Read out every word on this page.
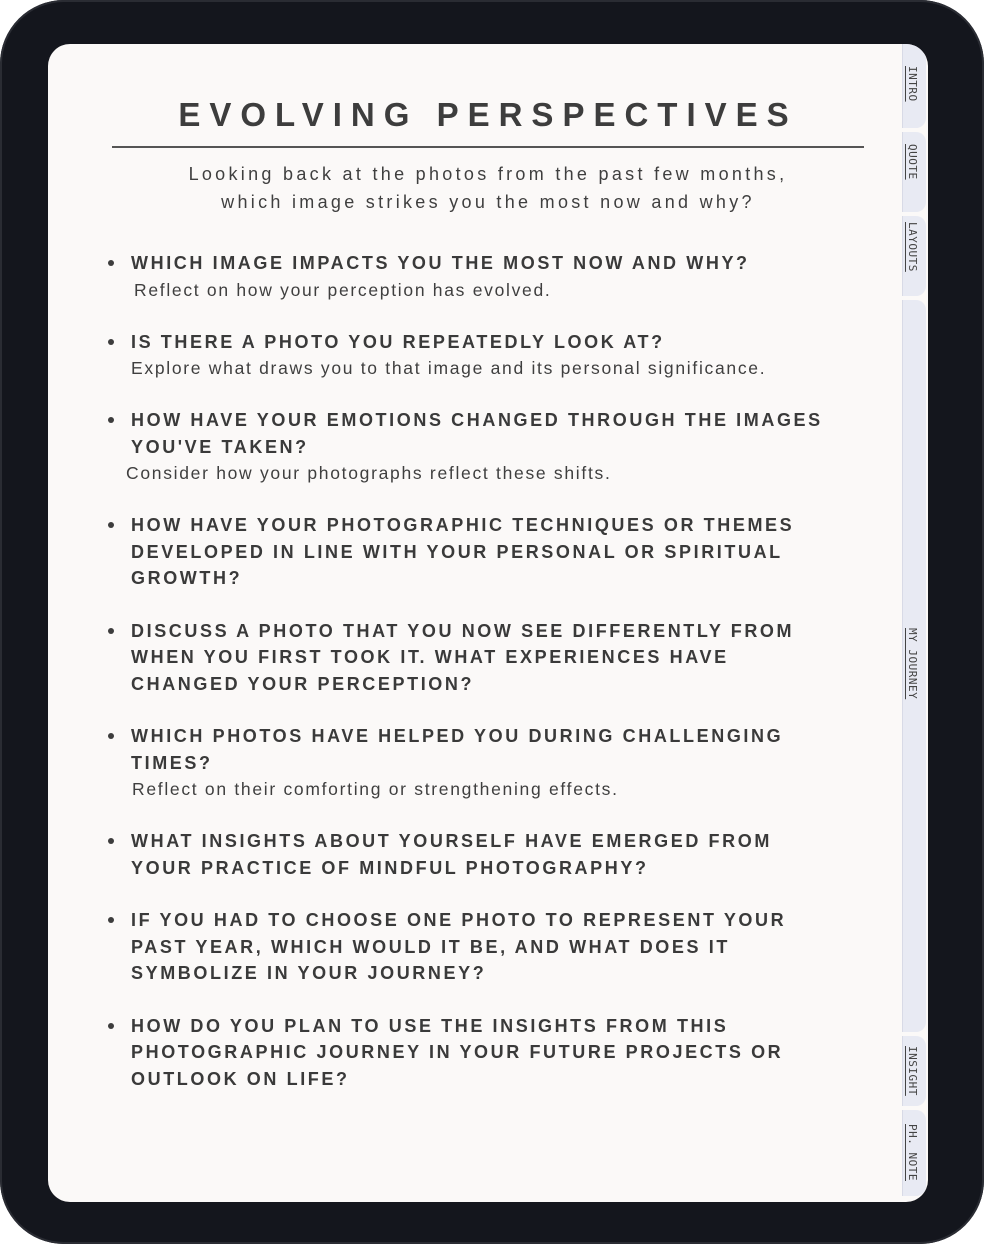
EVOLVING PERSPECTIVES
Looking back at the photos from the past few months,
which image strikes you the most now and why?
WHICH IMAGE IMPACTS YOU THE MOST NOW AND WHY?
Reflect on how your perception has evolved.
IS THERE A PHOTO YOU REPEATEDLY LOOK AT?
Explore what draws you to that image and its personal significance.
HOW HAVE YOUR EMOTIONS CHANGED THROUGH THE IMAGES
YOU'VE TAKEN?
Consider how your photographs reflect these shifts.
HOW HAVE YOUR PHOTOGRAPHIC TECHNIQUES OR THEMES
DEVELOPED IN LINE WITH YOUR PERSONAL OR SPIRITUAL
GROWTH?
DISCUSS A PHOTO THAT YOU NOW SEE DIFFERENTLY FROM
WHEN YOU FIRST TOOK IT. WHAT EXPERIENCES HAVE
CHANGED YOUR PERCEPTION?
WHICH PHOTOS HAVE HELPED YOU DURING CHALLENGING
TIMES?
Reflect on their comforting or strengthening effects.
WHAT INSIGHTS ABOUT YOURSELF HAVE EMERGED FROM
YOUR PRACTICE OF MINDFUL PHOTOGRAPHY?
IF YOU HAD TO CHOOSE ONE PHOTO TO REPRESENT YOUR
PAST YEAR, WHICH WOULD IT BE, AND WHAT DOES IT
SYMBOLIZE IN YOUR JOURNEY?
HOW DO YOU PLAN TO USE THE INSIGHTS FROM THIS
PHOTOGRAPHIC JOURNEY IN YOUR FUTURE PROJECTS OR
OUTLOOK ON LIFE?
INTRO
QUOTE
LAYOUTS
MY JOURNEY
INSIGHT
PH. NOTE
